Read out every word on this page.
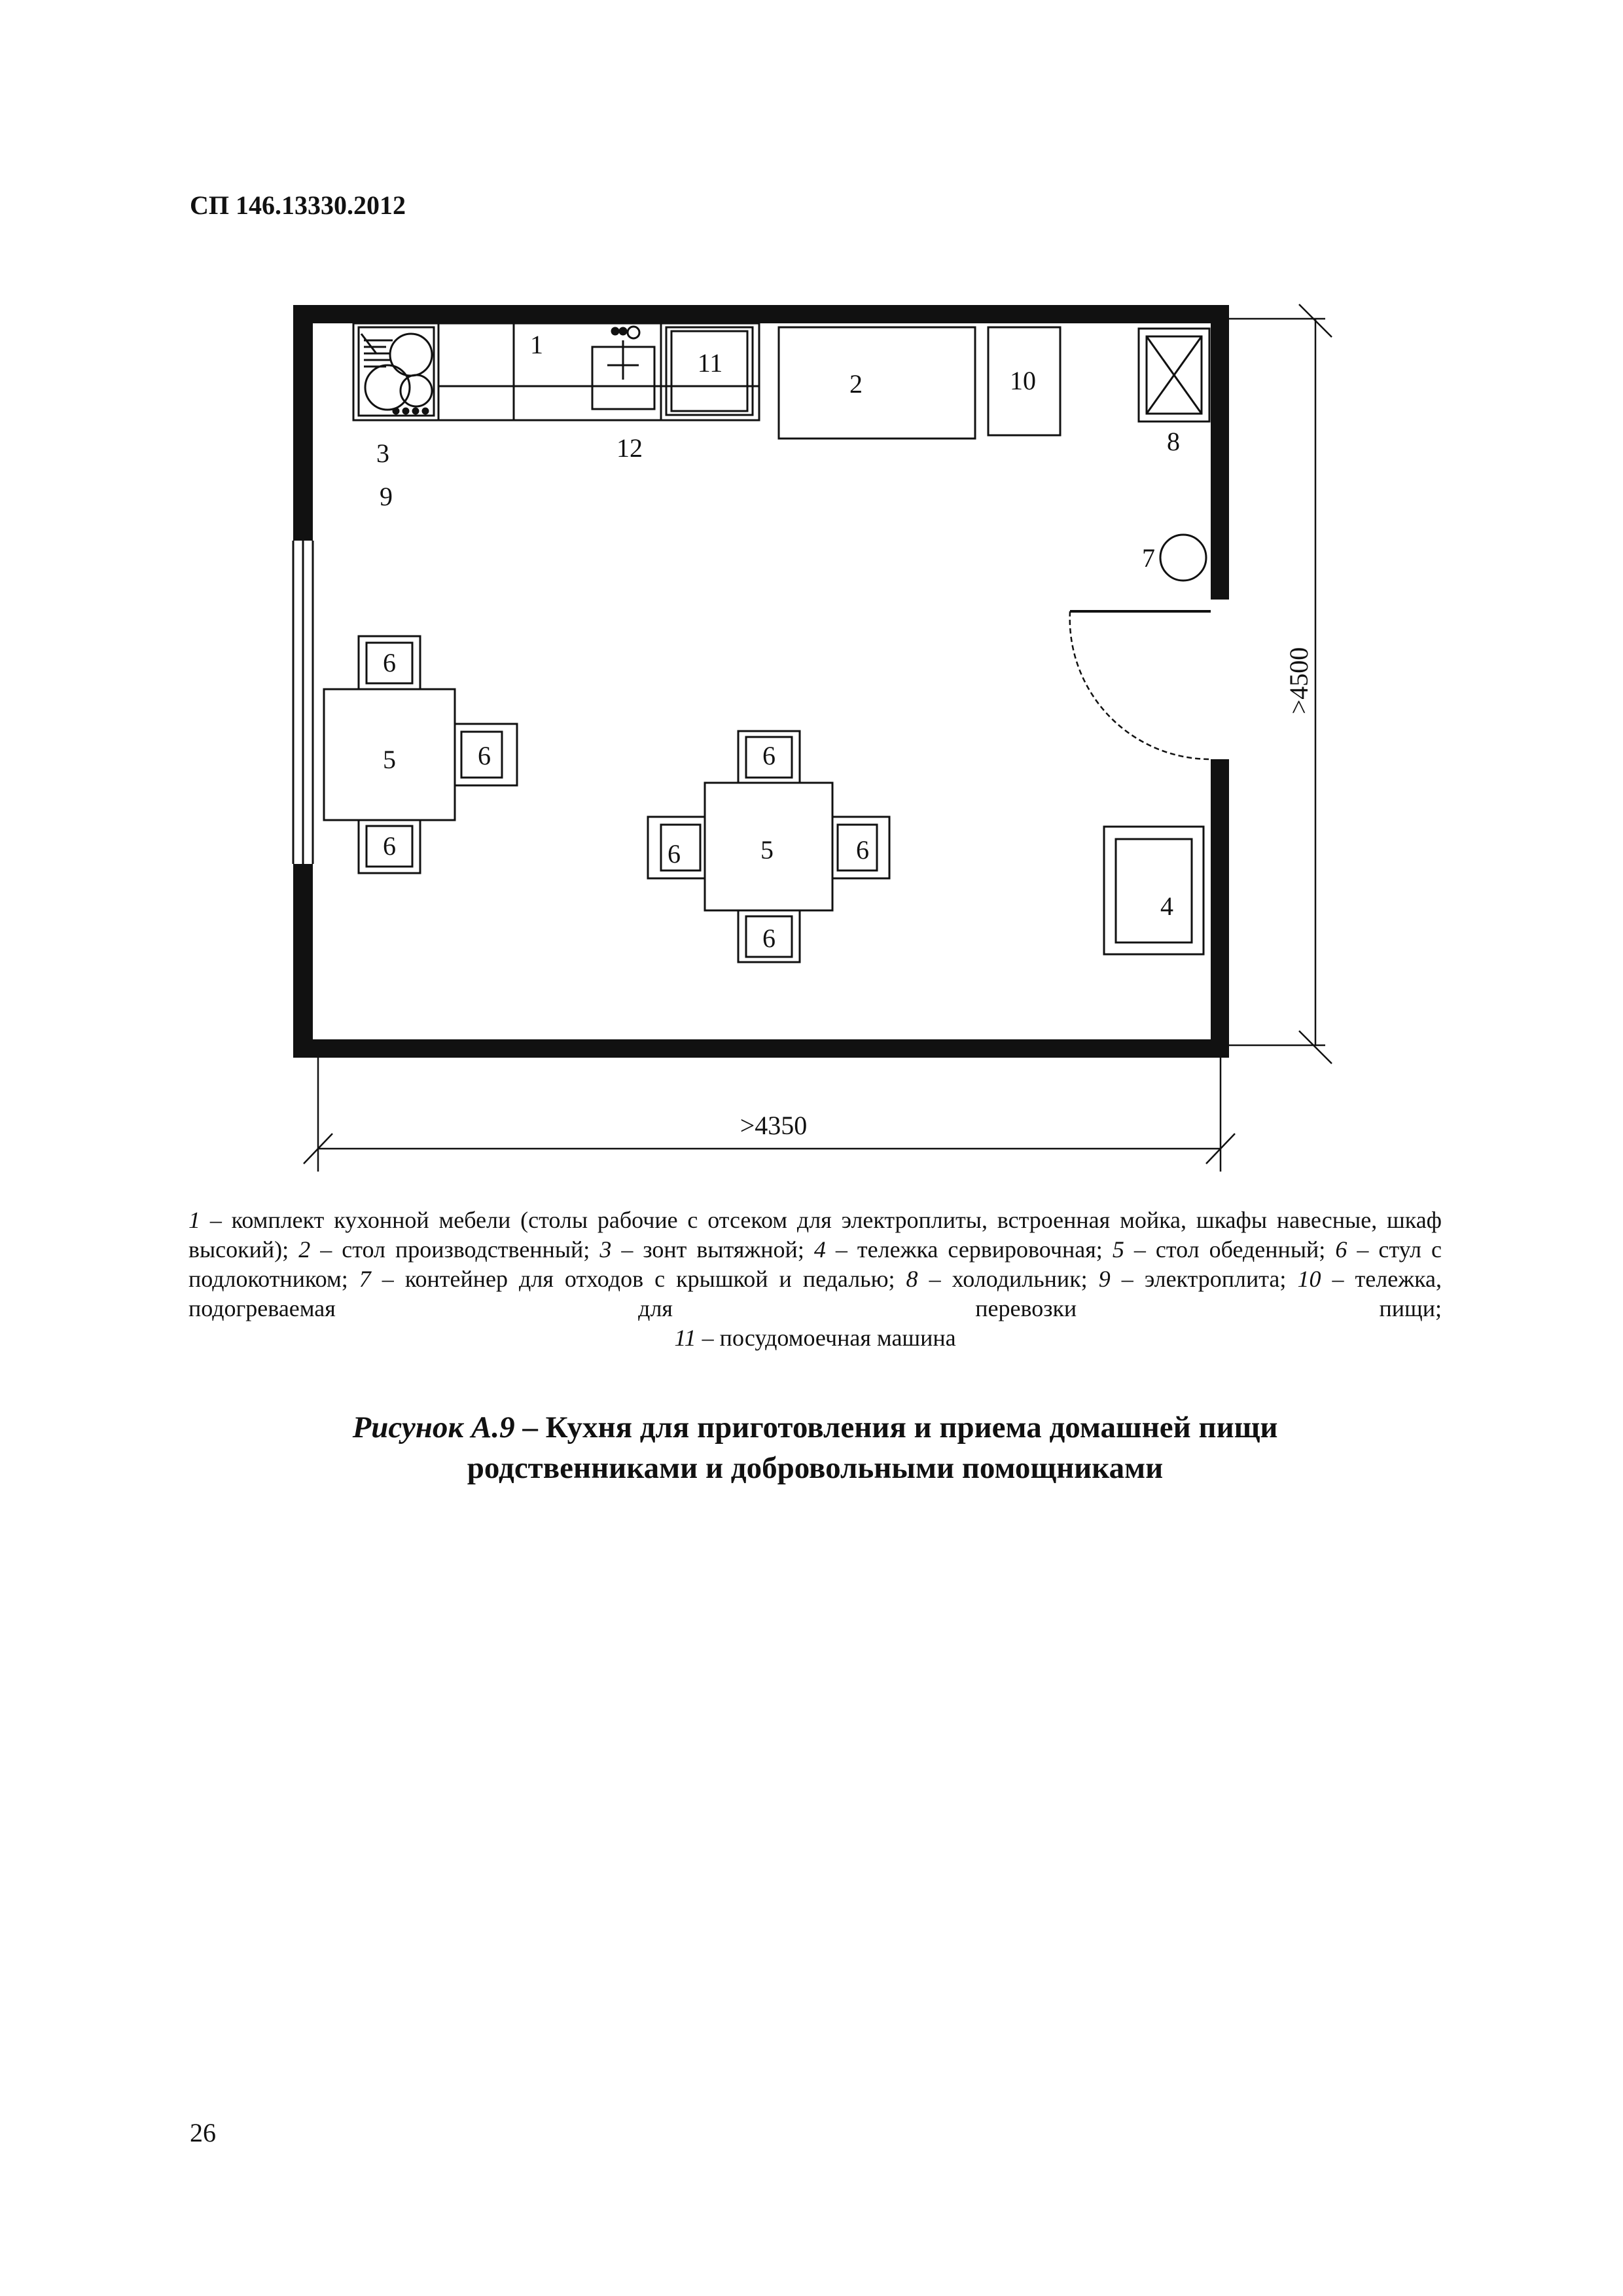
СП 146.13330.2012
1
11
2	10
8
3
9
12
7
4
6
5	6
6
6
5
6	6
6
>4350
>4500
1 – комплект кухонной мебели (столы рабочие с отсеком для электроплиты, встроенная мойка, шкафы навесные, шкаф высокий); 2 – стол производственный; 3 – зонт вытяжной; 4 – тележка сервировочная; 5 – стол обеденный; 6 – стул с подлокотником; 7 – контейнер для отходов с крышкой и педалью; 8 – холодильник; 9 – электроплита; 10 – тележка, подогреваемая для перевозки пищи;
11 – посудомоечная машина
Рисунок А.9 – Кухня для приготовления и приема домашней пищи
родственниками и добровольными помощниками
26
